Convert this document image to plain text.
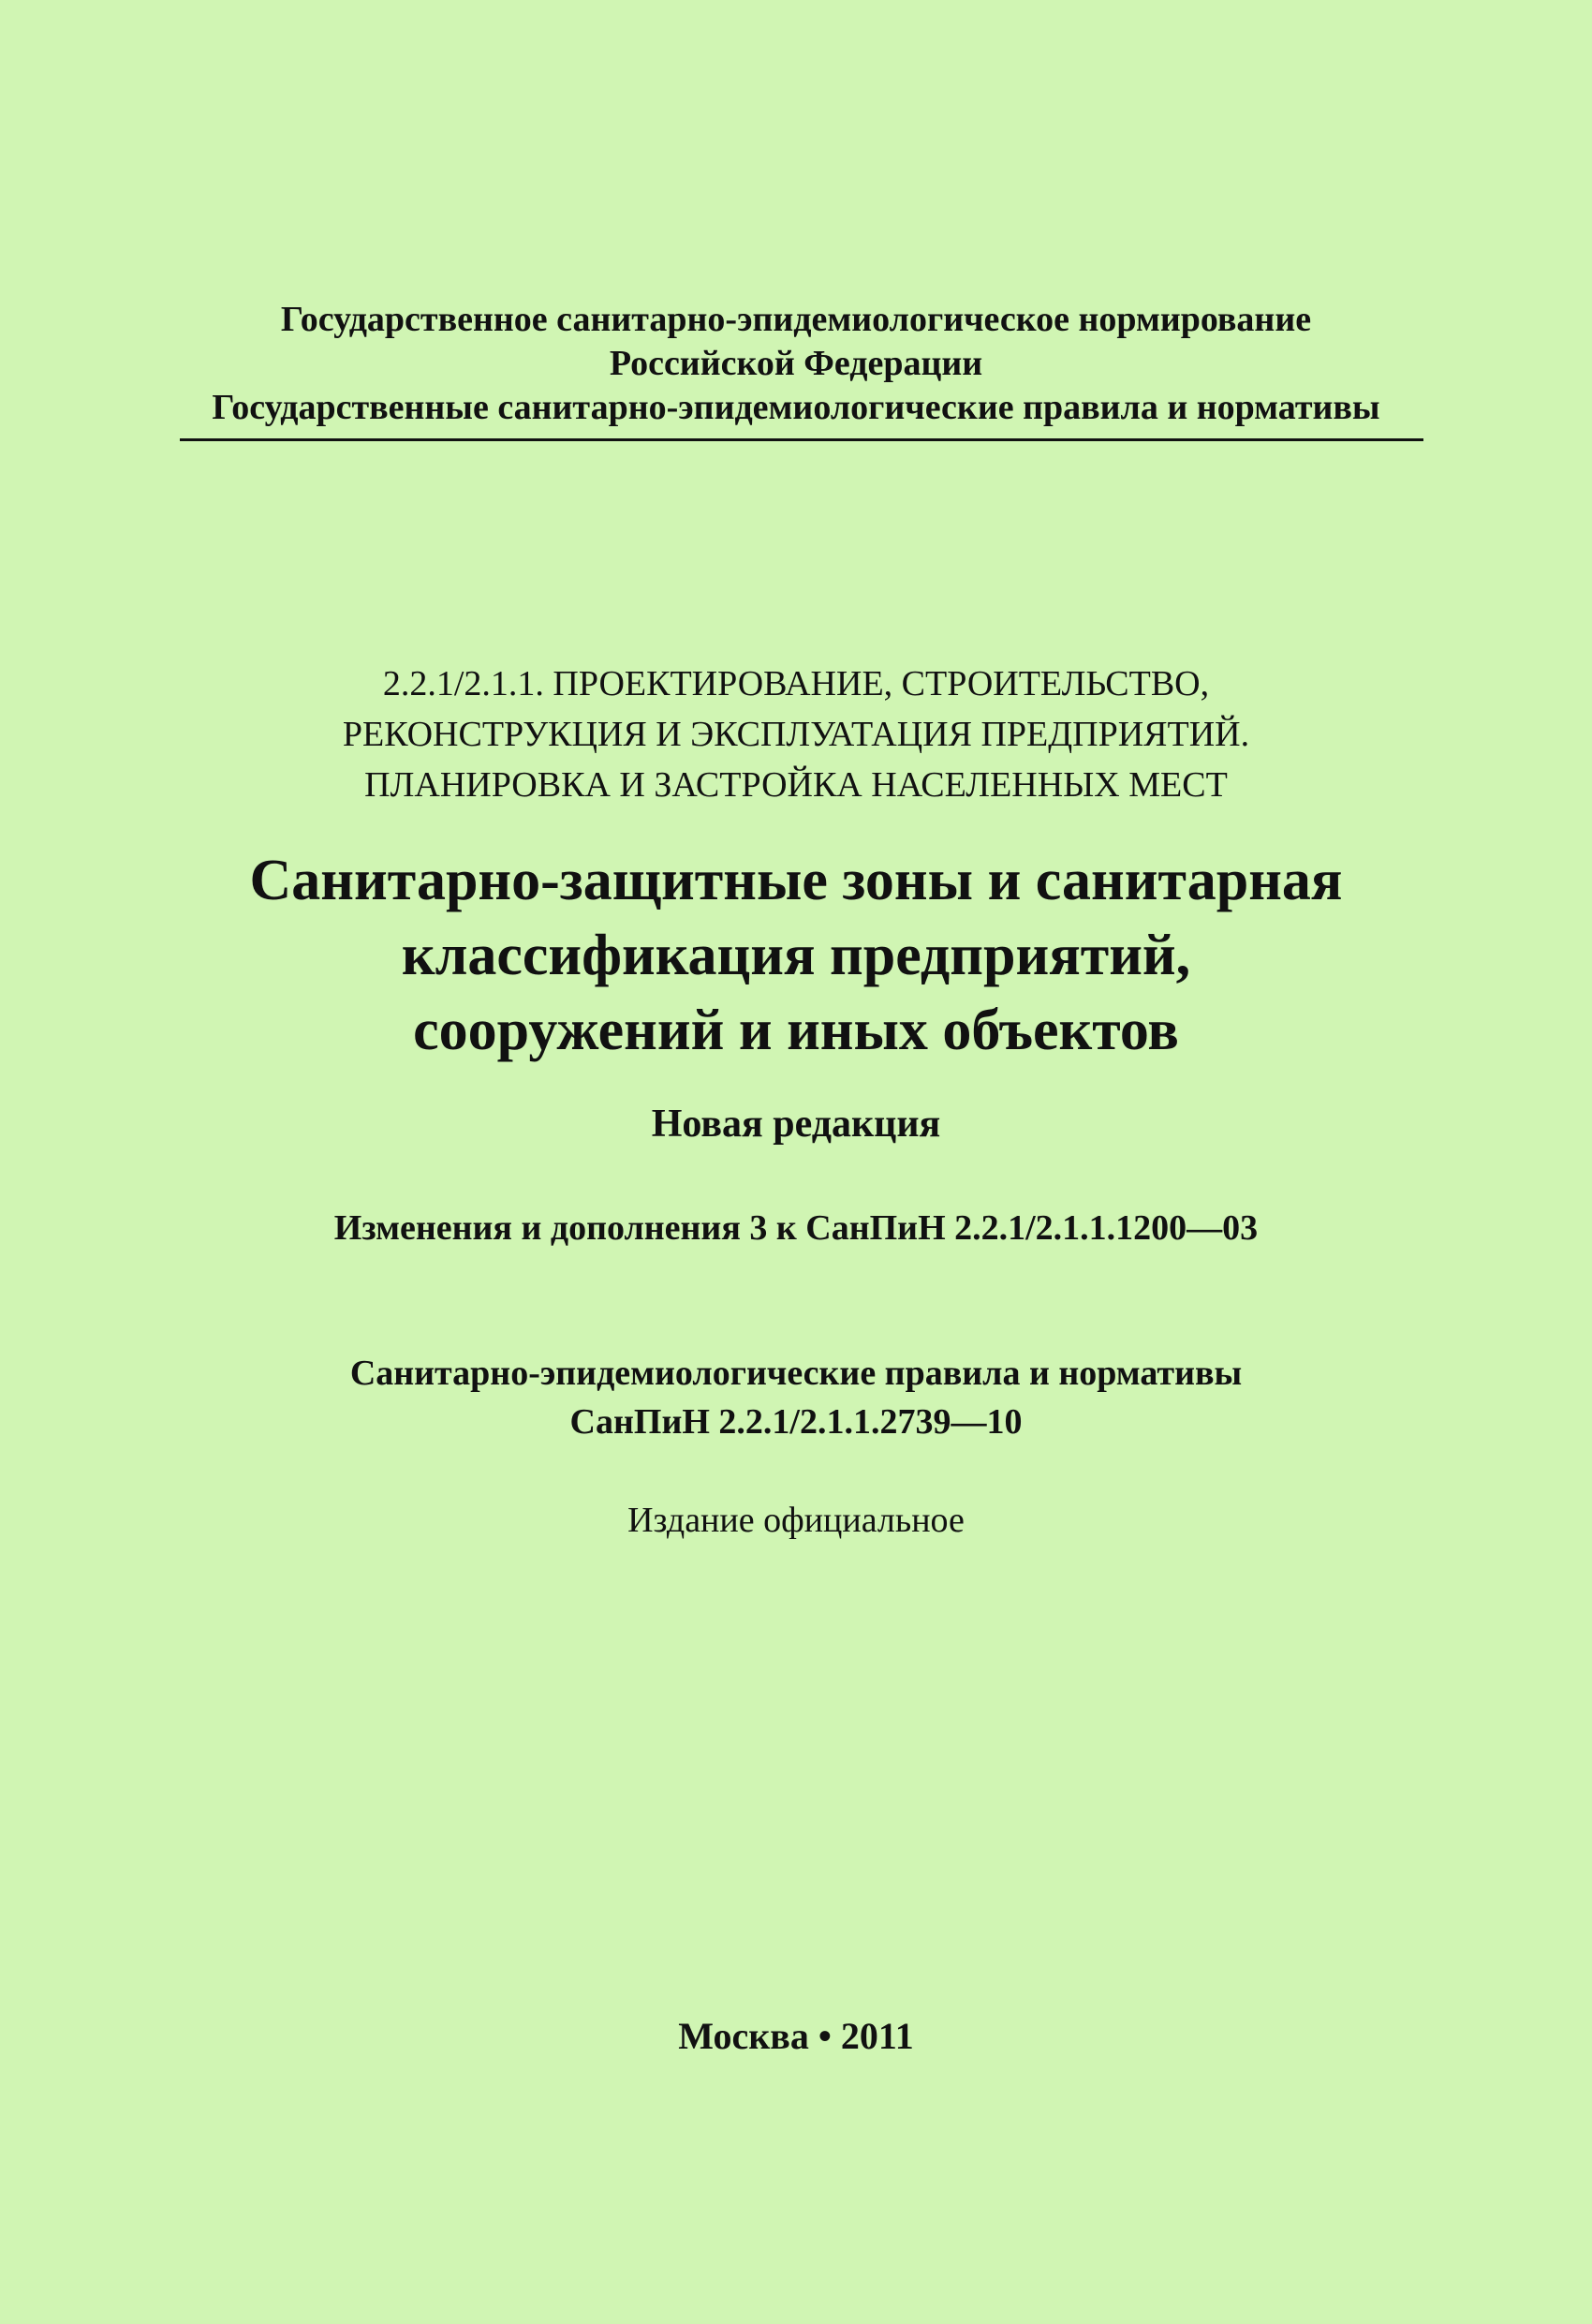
Государственное санитарно-эпидемиологическое нормирование
Российской Федерации
Государственные санитарно-эпидемиологические правила и нормативы
2.2.1/2.1.1. ПРОЕКТИРОВАНИЕ, СТРОИТЕЛЬСТВО,
РЕКОНСТРУКЦИЯ И ЭКСПЛУАТАЦИЯ ПРЕДПРИЯТИЙ.
ПЛАНИРОВКА И ЗАСТРОЙКА НАСЕЛЕННЫХ МЕСТ
Санитарно-защитные зоны и санитарная
классификация предприятий,
сооружений и иных объектов
Новая редакция
Изменения и дополнения 3 к СанПиН 2.2.1/2.1.1.1200—03
Санитарно-эпидемиологические правила и нормативы
СанПиН 2.2.1/2.1.1.2739—10
Издание официальное
Москва • 2011
